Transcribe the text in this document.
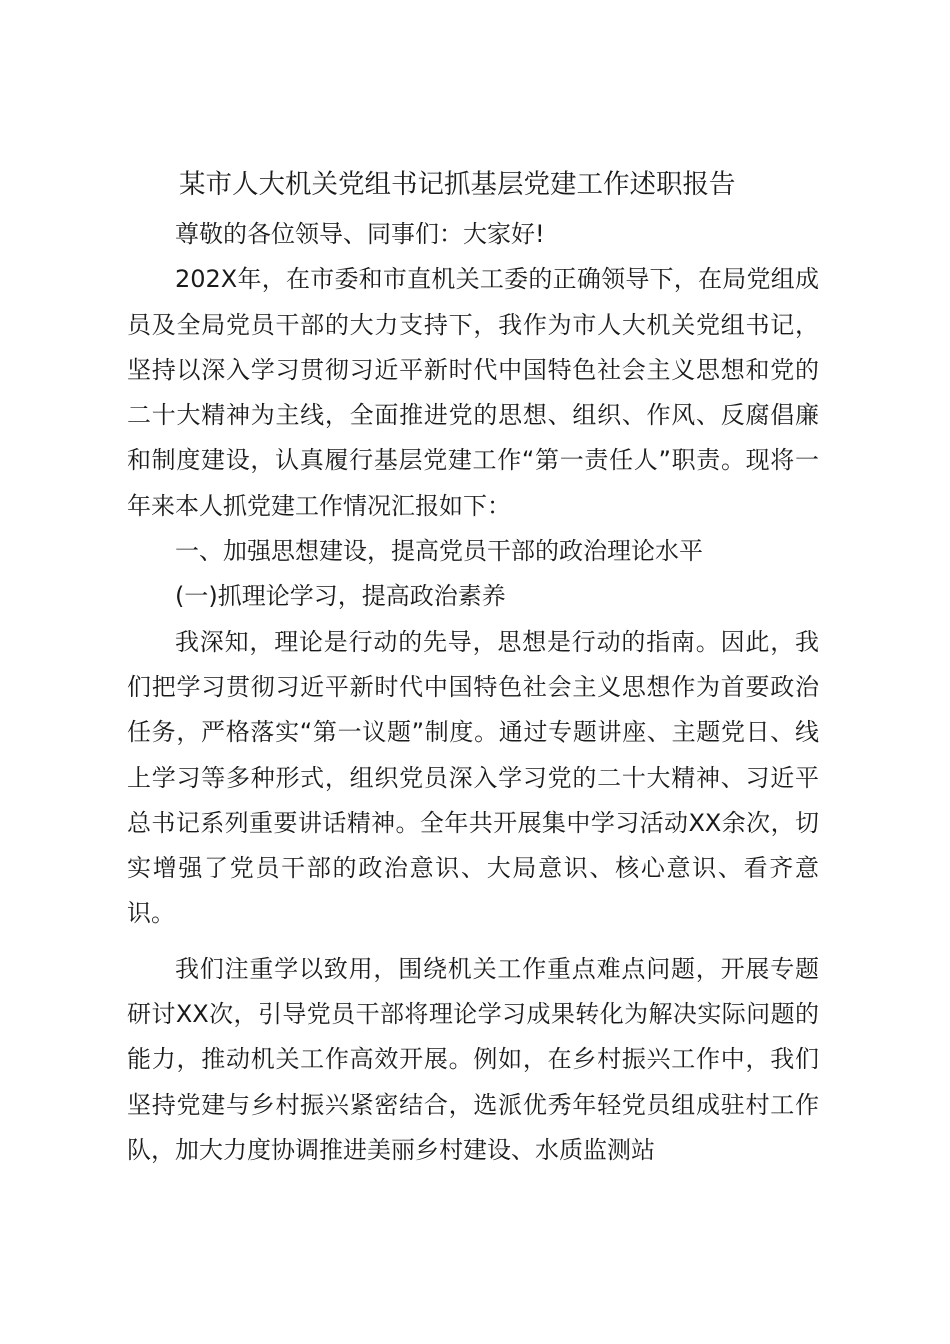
某市人大机关党组书记抓基层党建工作述职报告

尊敬的各位领导、同事们：大家好!

202X年，在市委和市直机关工委的正确领导下，在局党组成员及全局党员干部的大力支持下，我作为市人大机关党组书记，坚持以深入学习贯彻习近平新时代中国特色社会主义思想和党的二十大精神为主线，全面推进党的思想、组织、作风、反腐倡廉和制度建设，认真履行基层党建工作“第一责任人”职责。现将一年来本人抓党建工作情况汇报如下：

一、加强思想建设，提高党员干部的政治理论水平

(一)抓理论学习，提高政治素养

我深知，理论是行动的先导，思想是行动的指南。因此，我们把学习贯彻习近平新时代中国特色社会主义思想作为首要政治任务，严格落实“第一议题”制度。通过专题讲座、主题党日、线上学习等多种形式，组织党员深入学习党的二十大精神、习近平总书记系列重要讲话精神。全年共开展集中学习活动XX余次，切实增强了党员干部的政治意识、大局意识、核心意识、看齐意识。

我们注重学以致用，围绕机关工作重点难点问题，开展专题研讨XX次，引导党员干部将理论学习成果转化为解决实际问题的能力，推动机关工作高效开展。例如，在乡村振兴工作中，我们坚持党建与乡村振兴紧密结合，选派优秀年轻党员组成驻村工作队，加大力度协调推进美丽乡村建设、水质监测站
